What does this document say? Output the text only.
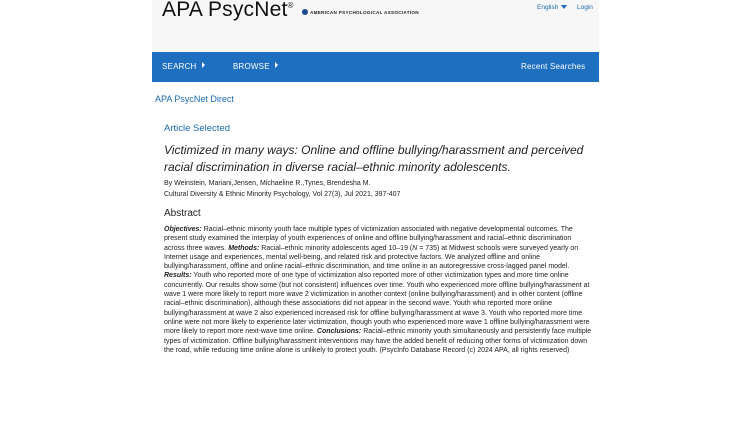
APA PsycNet®
AMERICAN PSYCHOLOGICAL ASSOCIATION
English	Login
SEARCH	BROWSE	Recent Searches
APA PsycNet Direct
Article Selected
Victimized in many ways: Online and offline bullying/harassment and perceived racial discrimination in diverse racial–ethnic minority adolescents.
By Weinstein, Mariani,Jensen, Michaeline R.,Tynes, Brendesha M.
Cultural Diversity & Ethnic Minority Psychology, Vol 27(3), Jul 2021, 397-407
Abstract
Objectives: Racial–ethnic minority youth face multiple types of victimization associated with negative developmental outcomes. The present study examined the interplay of youth experiences of online and offline bullying/harassment and racial–ethnic discrimination across three waves. Methods: Racial–ethnic minority adolescents aged 10–19 (N = 735) at Midwest schools were surveyed yearly on Internet usage and experiences, mental well-being, and related risk and protective factors. We analyzed offline and online bullying/harassment, offline and online racial–ethnic discrimination, and time online in an autoregressive cross-lagged panel model. Results: Youth who reported more of one type of victimization also reported more of other victimization types and more time online concurrently. Our results show some (but not consistent) influences over time. Youth who experienced more offline bullying/harassment at wave 1 were more likely to report more wave 2 victimization in another context (online bullying/harassment) and in other content (offline racial–ethnic discrimination), although these associations did not appear in the second wave. Youth who reported more online bullying/harassment at wave 2 also experienced increased risk for offline bullying/harassment at wave 3. Youth who reported more time online were not more likely to experience later victimization, though youth who experienced more wave 1 offline bullying/harassment were more likely to report more next-wave time online. Conclusions: Racial–ethnic minority youth simultaneously and persistently face multiple types of victimization. Offline bullying/harassment interventions may have the added benefit of reducing other forms of victimization down the road, while reducing time online alone is unlikely to protect youth. (PsycInfo Database Record (c) 2024 APA, all rights reserved)
